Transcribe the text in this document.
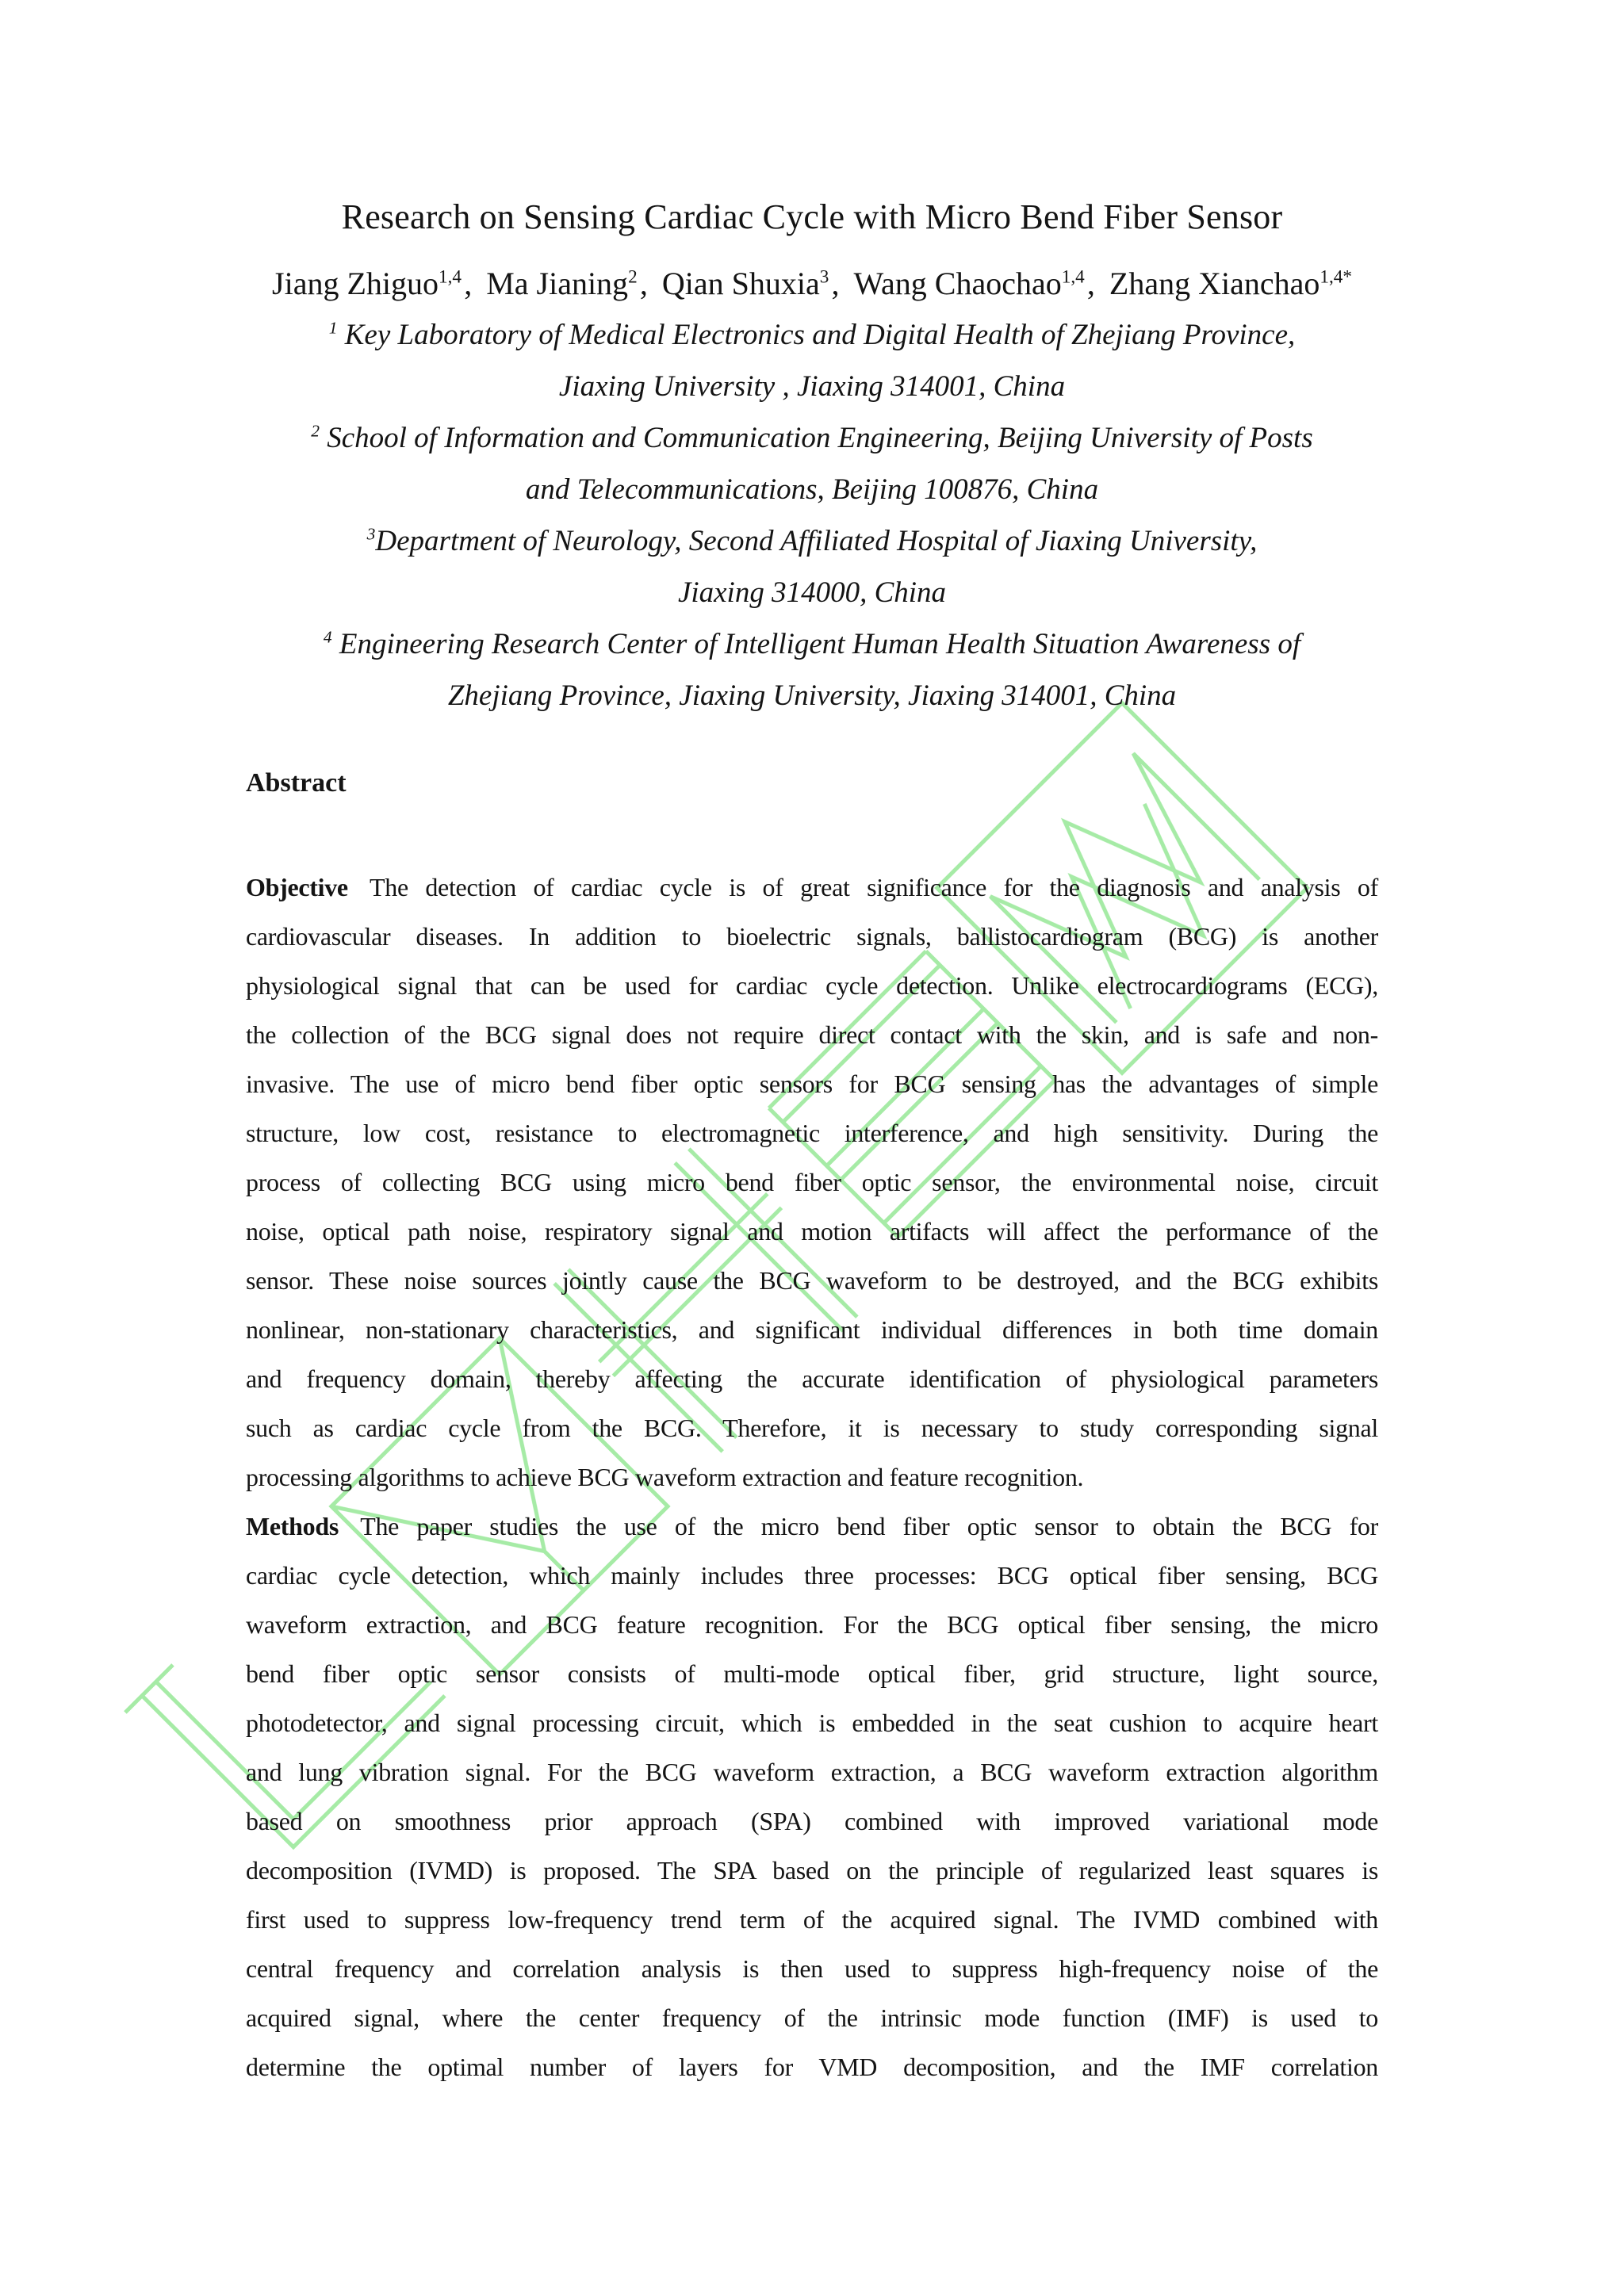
Research on Sensing Cardiac Cycle with Micro Bend Fiber Sensor
Jiang Zhiguo$^{1,4}$, Ma Jianing$^2$, Qian Shuxia$^3$, Wang Chaochao$^{1,4}$, Zhang Xianchao$^{1,4*}$
$^1$ Key Laboratory of Medical Electronics and Digital Health of Zhejiang Province,
Jiaxing University , Jiaxing 314001, China
$^2$ School of Information and Communication Engineering, Beijing University of Posts
and Telecommunications, Beijing 100876, China
$^3$Department of Neurology, Second Affiliated Hospital of Jiaxing University,
Jiaxing 314000, China
$^4$ Engineering Research Center of Intelligent Human Health Situation Awareness of
Zhejiang Province, Jiaxing University, Jiaxing 314001, China
Abstract
Objective The detection of cardiac cycle is of great significance for the diagnosis and analysis of
cardiovascular diseases. In addition to bioelectric signals, ballistocardiogram (BCG) is another
physiological signal that can be used for cardiac cycle detection. Unlike electrocardiograms (ECG),
the collection of the BCG signal does not require direct contact with the skin, and is safe and non-
invasive. The use of micro bend fiber optic sensors for BCG sensing has the advantages of simple
structure, low cost, resistance to electromagnetic interference, and high sensitivity. During the
process of collecting BCG using micro bend fiber optic sensor, the environmental noise, circuit
noise, optical path noise, respiratory signal and motion artifacts will affect the performance of the
sensor. These noise sources jointly cause the BCG waveform to be destroyed, and the BCG exhibits
nonlinear, non-stationary characteristics, and significant individual differences in both time domain
and frequency domain, thereby affecting the accurate identification of physiological parameters
such as cardiac cycle from the BCG. Therefore, it is necessary to study corresponding signal
processing algorithms to achieve BCG waveform extraction and feature recognition.
Methods The paper studies the use of the micro bend fiber optic sensor to obtain the BCG for
cardiac cycle detection, which mainly includes three processes: BCG optical fiber sensing, BCG
waveform extraction, and BCG feature recognition. For the BCG optical fiber sensing, the micro
bend fiber optic sensor consists of multi-mode optical fiber, grid structure, light source,
photodetector, and signal processing circuit, which is embedded in the seat cushion to acquire heart
and lung vibration signal. For the BCG waveform extraction, a BCG waveform extraction algorithm
based on smoothness prior approach (SPA) combined with improved variational mode
decomposition (IVMD) is proposed. The SPA based on the principle of regularized least squares is
first used to suppress low-frequency trend term of the acquired signal. The IVMD combined with
central frequency and correlation analysis is then used to suppress high-frequency noise of the
acquired signal, where the center frequency of the intrinsic mode function (IMF) is used to
determine the optimal number of layers for VMD decomposition, and the IMF correlation
